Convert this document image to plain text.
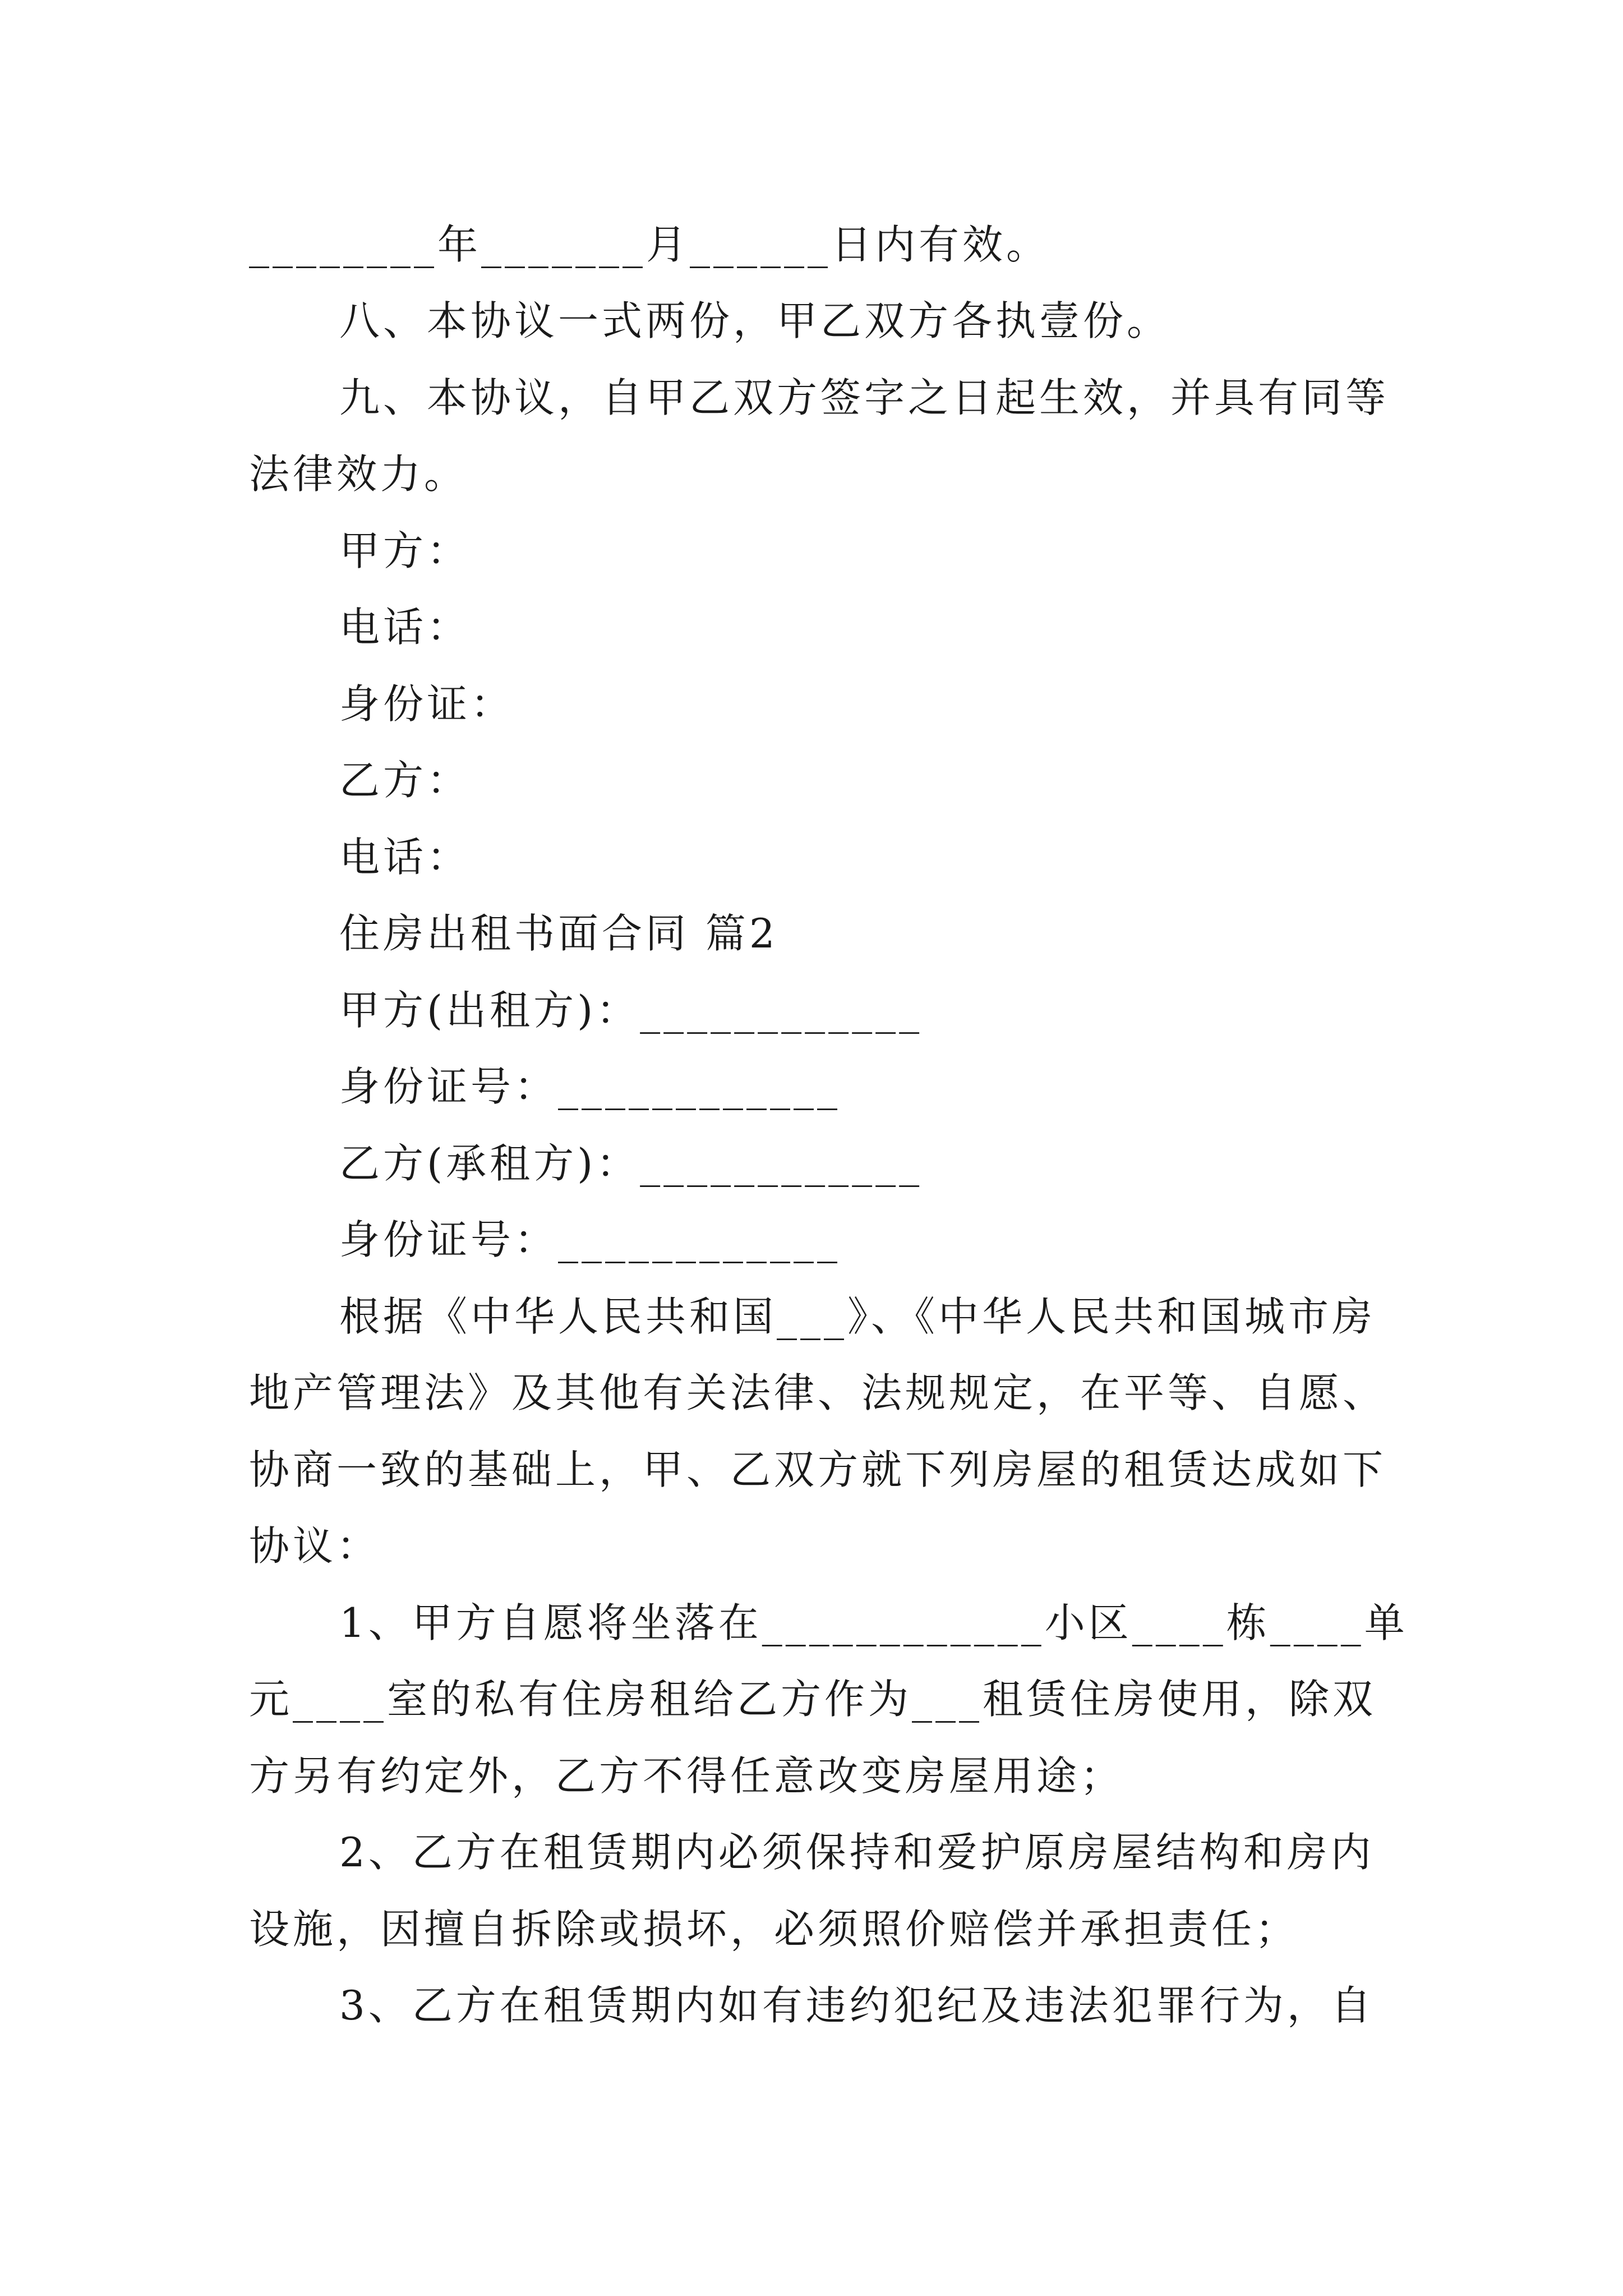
________年_______月______日内有效。
八、本协议一式两份，甲乙双方各执壹份。
九、本协议，自甲乙双方签字之日起生效，并具有同等
法律效力。
甲方：
电话：
身份证：
乙方：
电话：
住房出租书面合同 篇2
甲方(出租方)：____________
身份证号：____________
乙方(承租方)：____________
身份证号：____________
根据《中华人民共和国___》、《中华人民共和国城市房
地产管理法》及其他有关法律、法规规定，在平等、自愿、
协商一致的基础上，甲、乙双方就下列房屋的租赁达成如下
协议：
1、甲方自愿将坐落在____________小区____栋____单
元____室的私有住房租给乙方作为___租赁住房使用，除双
方另有约定外，乙方不得任意改变房屋用途；
2、乙方在租赁期内必须保持和爱护原房屋结构和房内
设施，因擅自拆除或损坏，必须照价赔偿并承担责任；
3、乙方在租赁期内如有违约犯纪及违法犯罪行为，自
